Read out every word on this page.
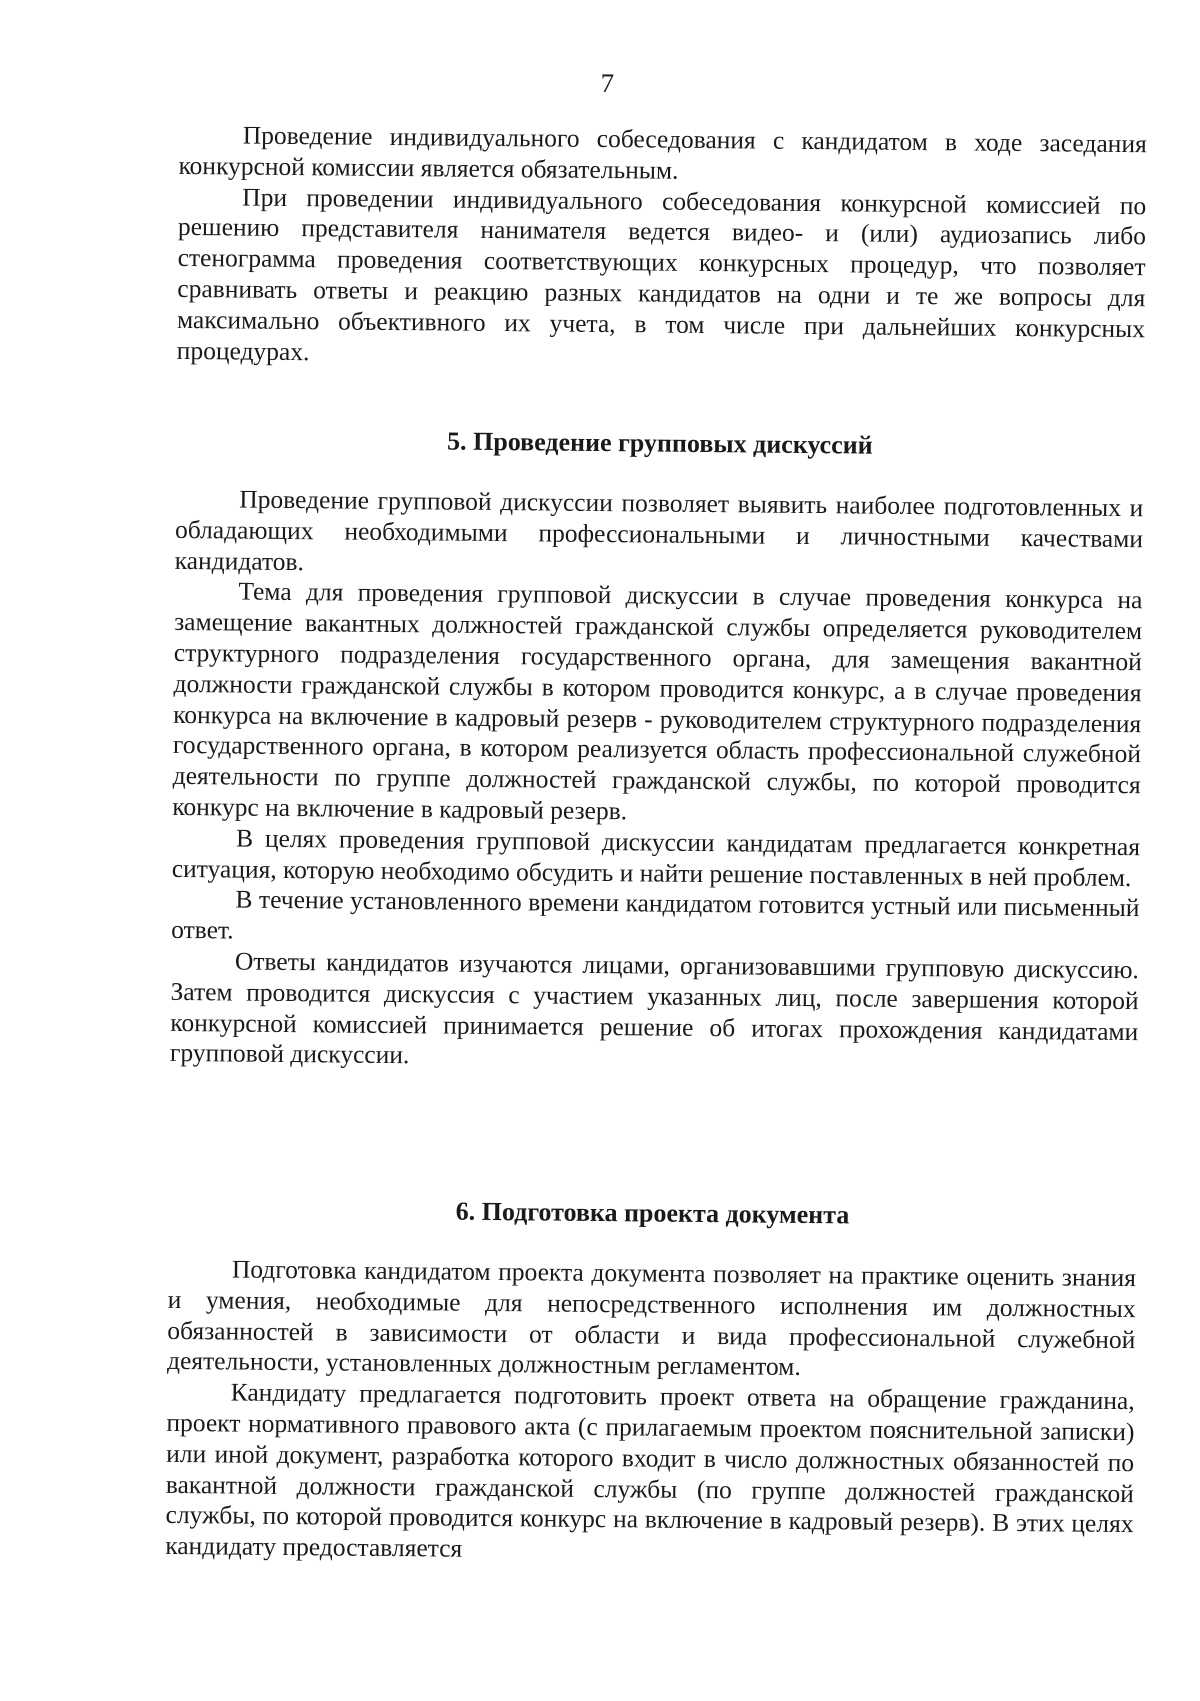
7

Проведение индивидуального собеседования с кандидатом в ходе заседания конкурсной комиссии является обязательным.

При проведении индивидуального собеседования конкурсной комиссией по решению представителя нанимателя ведется видео- и (или) аудиозапись либо стенограмма проведения соответствующих конкурсных процедур, что позволяет сравнивать ответы и реакцию разных кандидатов на одни и те же вопросы для максимально объективного их учета, в том числе при дальнейших конкурсных процедурах.

5. Проведение групповых дискуссий

Проведение групповой дискуссии позволяет выявить наиболее подготовленных и обладающих необходимыми профессиональными и личностными качествами кандидатов.

Тема для проведения групповой дискуссии в случае проведения конкурса на замещение вакантных должностей гражданской службы определяется руководителем структурного подразделения государственного органа, для замещения вакантной должности гражданской службы в котором проводится конкурс, а в случае проведения конкурса на включение в кадровый резерв - руководителем структурного подразделения государственного органа, в котором реализуется область профессиональной служебной деятельности по группе должностей гражданской службы, по которой проводится конкурс на включение в кадровый резерв.

В целях проведения групповой дискуссии кандидатам предлагается конкретная ситуация, которую необходимо обсудить и найти решение поставленных в ней проблем.

В течение установленного времени кандидатом готовится устный или письменный ответ.

Ответы кандидатов изучаются лицами, организовавшими групповую дискуссию. Затем проводится дискуссия с участием указанных лиц, после завершения которой конкурсной комиссией принимается решение об итогах прохождения кандидатами групповой дискуссии.

6. Подготовка проекта документа

Подготовка кандидатом проекта документа позволяет на практике оценить знания и умения, необходимые для непосредственного исполнения им должностных обязанностей в зависимости от области и вида профессиональной служебной деятельности, установленных должностным регламентом.

Кандидату предлагается подготовить проект ответа на обращение гражданина, проект нормативного правового акта (с прилагаемым проектом пояснительной записки) или иной документ, разработка которого входит в число должностных обязанностей по вакантной должности гражданской службы (по группе должностей гражданской службы, по которой проводится конкурс на включение в кадровый резерв). В этих целях кандидату предоставляется
